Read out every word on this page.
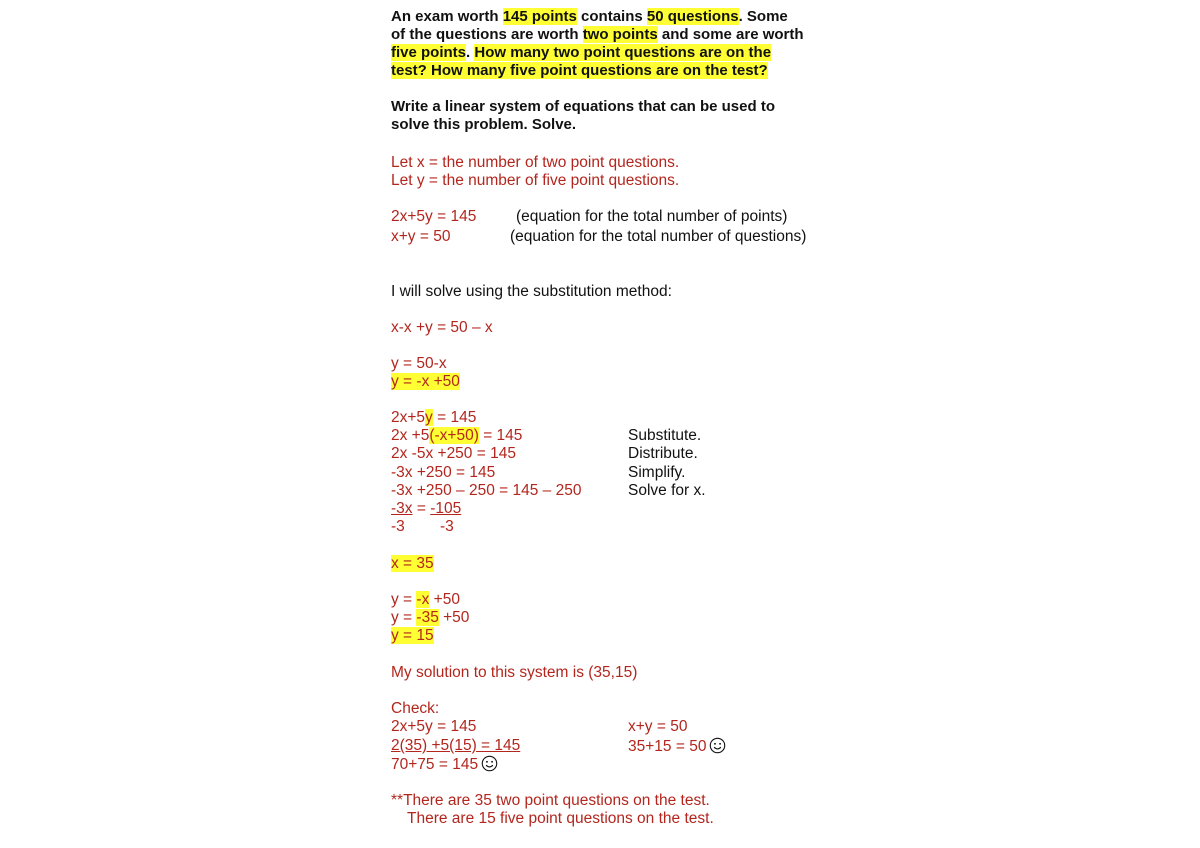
An exam worth 145 points contains 50 questions. Some
of the questions are worth two points and some are worth
five points. How many two point questions are on the
test? How many five point questions are on the test?
Write a linear system of equations that can be used to
solve this problem. Solve.
Let x = the number of two point questions.
Let y = the number of five point questions.
2x+5y = 145	(equation for the total number of points)
x+y = 50	(equation for the total number of questions)
I will solve using the substitution method:
x-x +y = 50 – x
y = 50-x
y = -x +50
2x+5y = 145
2x +5(-x+50) = 145
2x -5x +250 = 145
-3x +250 = 145
-3x +250 – 250 = 145 – 250
-3x = -105
-3 -3
Substitute.
Distribute.
Simplify.
Solve for x.
x = 35
y = -x +50
y = -35 +50
y = 15
My solution to this system is (35,15)
Check:
2x+5y = 145
2(35) +5(15) = 145
70+75 = 145
x+y = 50
35+15 = 50
**There are 35 two point questions on the test.
There are 15 five point questions on the test.
